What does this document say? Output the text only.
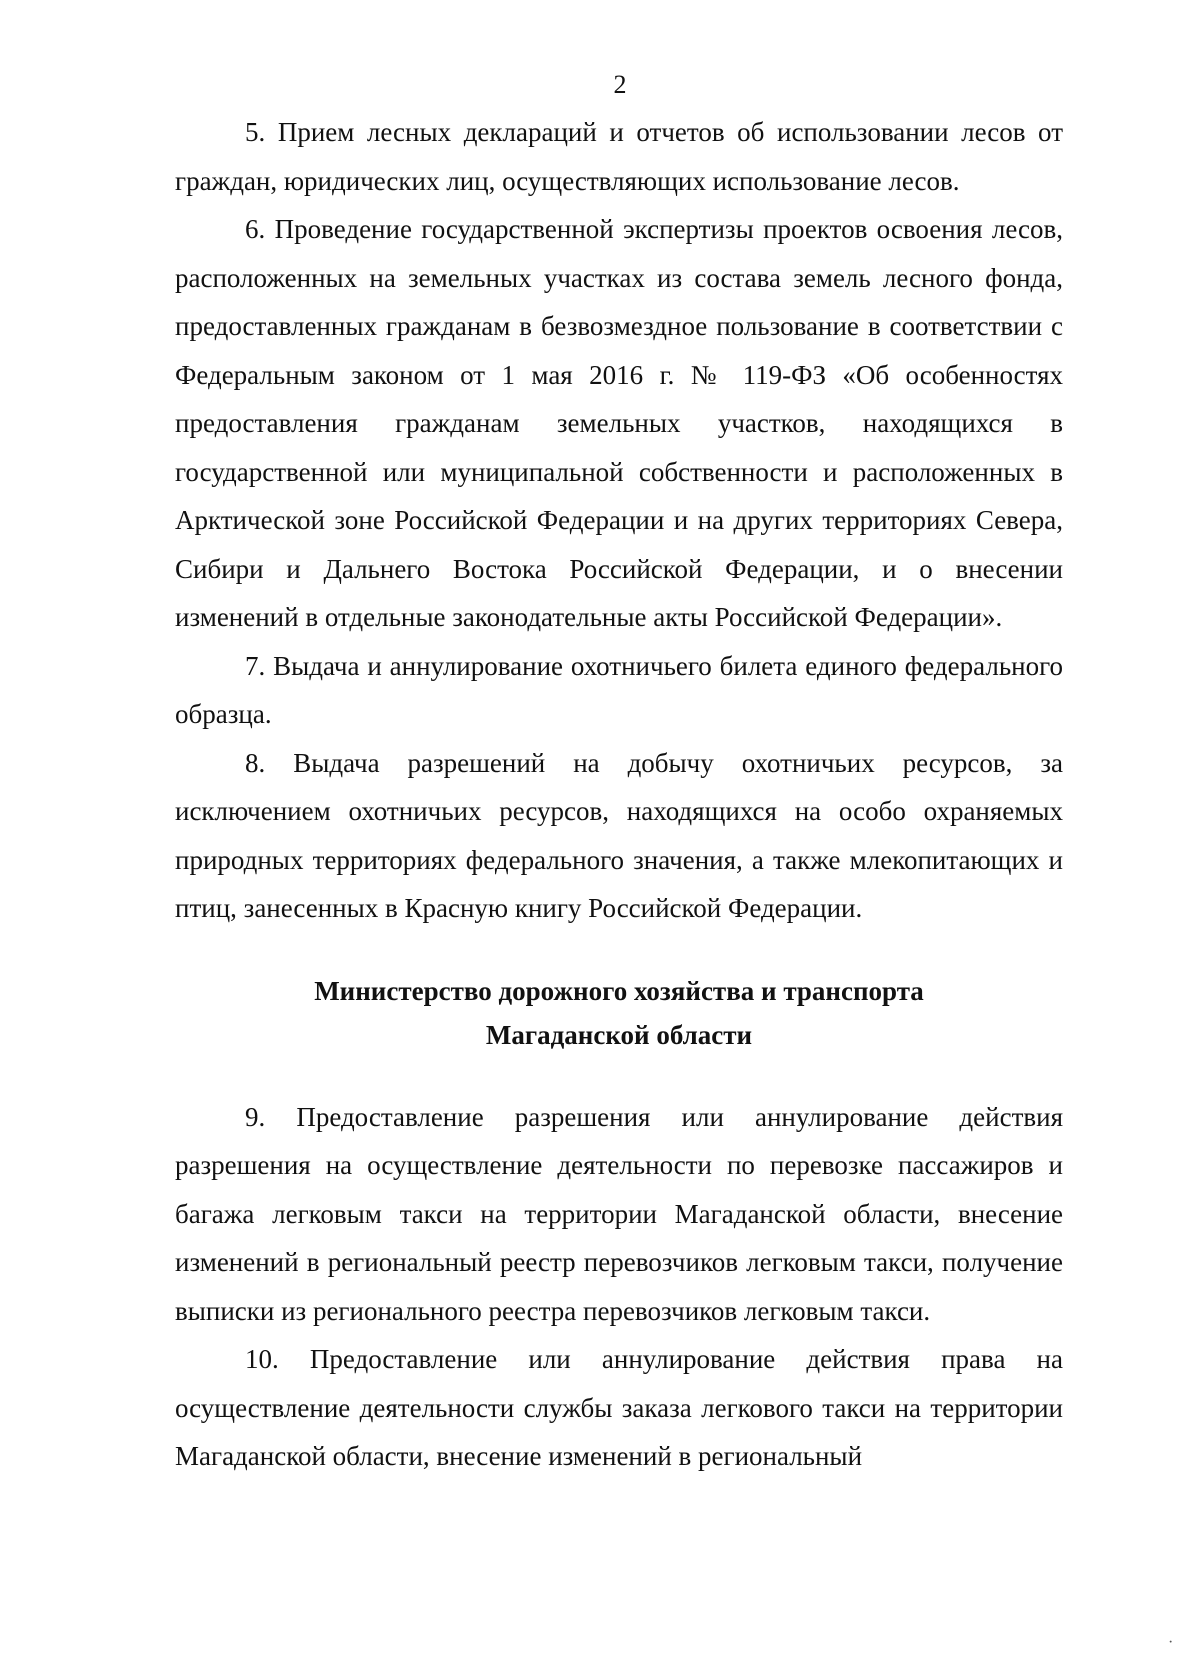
2

5. Прием лесных деклараций и отчетов об использовании лесов от граждан, юридических лиц, осуществляющих использование лесов.

6. Проведение государственной экспертизы проектов освоения лесов, расположенных на земельных участках из состава земель лесного фонда, предоставленных гражданам в безвозмездное пользование в соответствии с Федеральным законом от 1 мая 2016 г. № 119-ФЗ «Об особенностях предоставления гражданам земельных участков, находящихся в государственной или муниципальной собственности и расположенных в Арктической зоне Российской Федерации и на других территориях Севера, Сибири и Дальнего Востока Российской Федерации, и о внесении изменений в отдельные законодательные акты Российской Федерации».

7. Выдача и аннулирование охотничьего билета единого федерального образца.

8. Выдача разрешений на добычу охотничьих ресурсов, за исключением охотничьих ресурсов, находящихся на особо охраняемых природных территориях федерального значения, а также млекопитающих и птиц, занесенных в Красную книгу Российской Федерации.

Министерство дорожного хозяйства и транспорта
Магаданской области

9. Предоставление разрешения или аннулирование действия разрешения на осуществление деятельности по перевозке пассажиров и багажа легковым такси на территории Магаданской области, внесение изменений в региональный реестр перевозчиков легковым такси, получение выписки из регионального реестра перевозчиков легковым такси.

10. Предоставление или аннулирование действия права на осуществление деятельности службы заказа легкового такси на территории Магаданской области, внесение изменений в региональный

·
